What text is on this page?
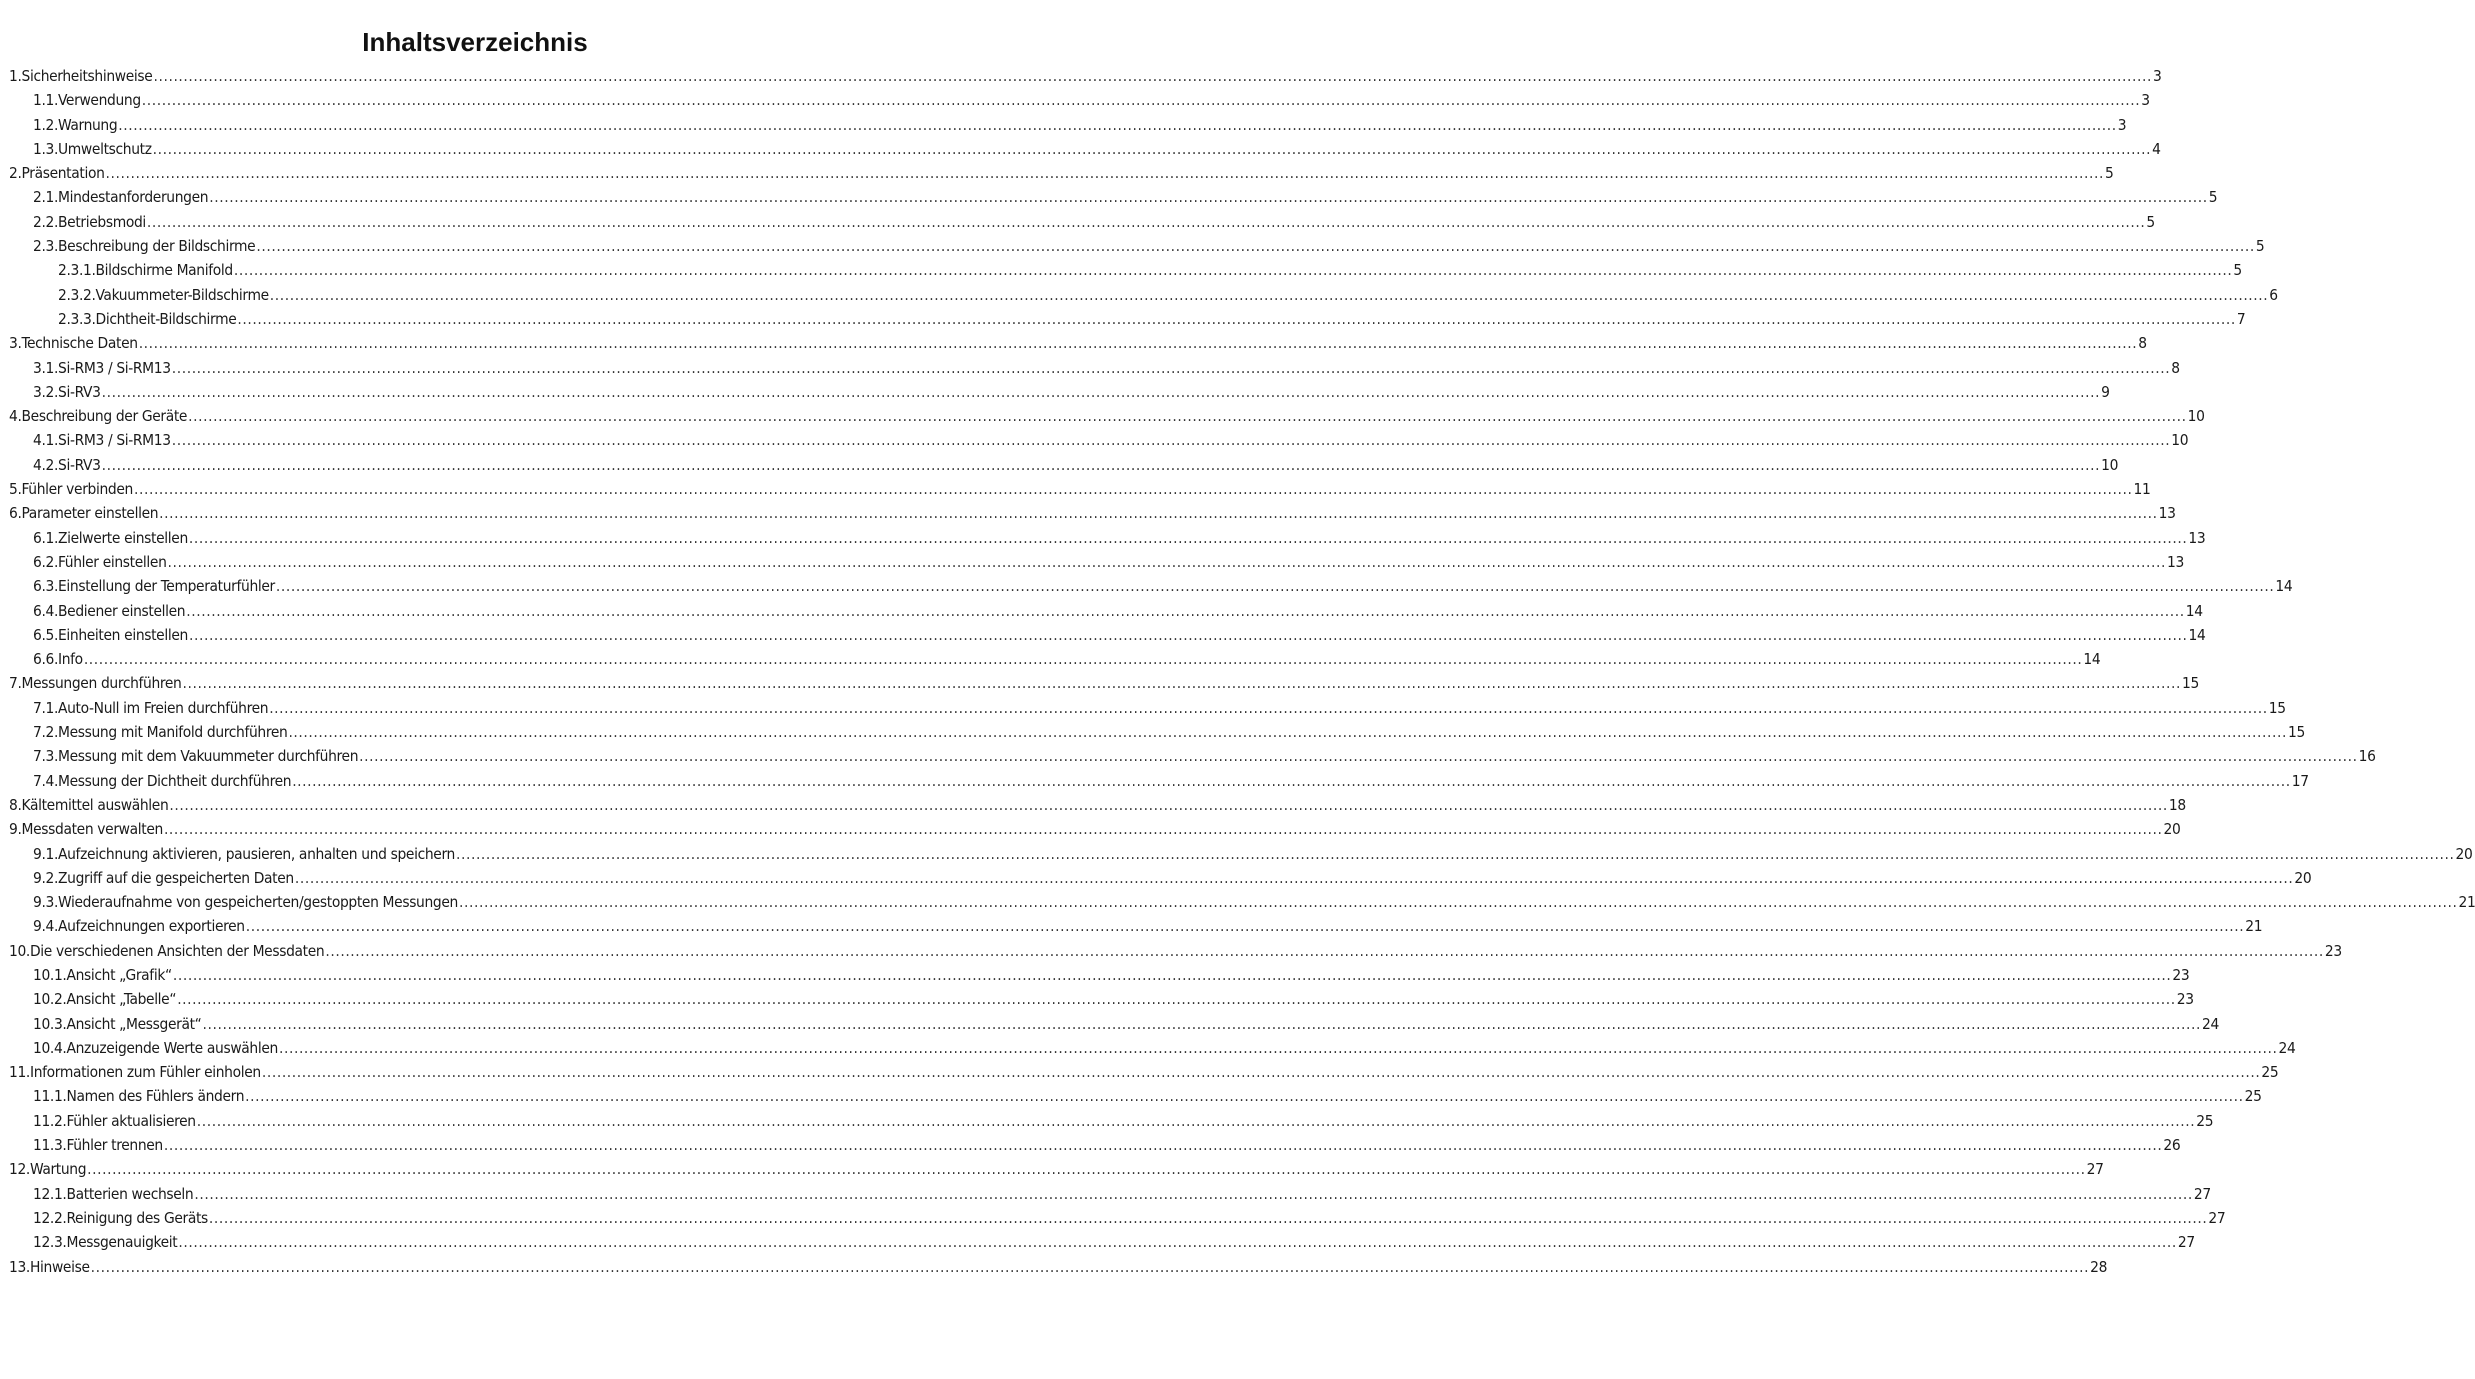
Inhaltsverzeichnis
1.Sicherheitshinweise ................................................................................................................................................................................................................................................................................................................................................................................................................ 3
1.1.Verwendung ................................................................................................................................................................................................................................................................................................................................................................................................................ 3
1.2.Warnung ................................................................................................................................................................................................................................................................................................................................................................................................................ 3
1.3.Umweltschutz ................................................................................................................................................................................................................................................................................................................................................................................................................ 4
2.Präsentation ................................................................................................................................................................................................................................................................................................................................................................................................................ 5
2.1.Mindestanforderungen ................................................................................................................................................................................................................................................................................................................................................................................................................ 5
2.2.Betriebsmodi ................................................................................................................................................................................................................................................................................................................................................................................................................ 5
2.3.Beschreibung der Bildschirme ................................................................................................................................................................................................................................................................................................................................................................................................................ 5
2.3.1.Bildschirme Manifold ................................................................................................................................................................................................................................................................................................................................................................................................................ 5
2.3.2.Vakuummeter-Bildschirme ................................................................................................................................................................................................................................................................................................................................................................................................................ 6
2.3.3.Dichtheit-Bildschirme ................................................................................................................................................................................................................................................................................................................................................................................................................ 7
3.Technische Daten ................................................................................................................................................................................................................................................................................................................................................................................................................ 8
3.1.Si-RM3 / Si-RM13 ................................................................................................................................................................................................................................................................................................................................................................................................................ 8
3.2.Si-RV3 ................................................................................................................................................................................................................................................................................................................................................................................................................ 9
4.Beschreibung der Geräte ................................................................................................................................................................................................................................................................................................................................................................................................................ 10
4.1.Si-RM3 / Si-RM13 ................................................................................................................................................................................................................................................................................................................................................................................................................ 10
4.2.Si-RV3 ................................................................................................................................................................................................................................................................................................................................................................................................................ 10
5.Fühler verbinden ................................................................................................................................................................................................................................................................................................................................................................................................................ 11
6.Parameter einstellen ................................................................................................................................................................................................................................................................................................................................................................................................................ 13
6.1.Zielwerte einstellen ................................................................................................................................................................................................................................................................................................................................................................................................................ 13
6.2.Fühler einstellen ................................................................................................................................................................................................................................................................................................................................................................................................................ 13
6.3.Einstellung der Temperaturfühler ................................................................................................................................................................................................................................................................................................................................................................................................................ 14
6.4.Bediener einstellen ................................................................................................................................................................................................................................................................................................................................................................................................................ 14
6.5.Einheiten einstellen ................................................................................................................................................................................................................................................................................................................................................................................................................ 14
6.6.Info ................................................................................................................................................................................................................................................................................................................................................................................................................ 14
7.Messungen durchführen ................................................................................................................................................................................................................................................................................................................................................................................................................ 15
7.1.Auto-Null im Freien durchführen ................................................................................................................................................................................................................................................................................................................................................................................................................ 15
7.2.Messung mit Manifold durchführen ................................................................................................................................................................................................................................................................................................................................................................................................................ 15
7.3.Messung mit dem Vakuummeter durchführen ................................................................................................................................................................................................................................................................................................................................................................................................................ 16
7.4.Messung der Dichtheit durchführen ................................................................................................................................................................................................................................................................................................................................................................................................................ 17
8.Kältemittel auswählen ................................................................................................................................................................................................................................................................................................................................................................................................................ 18
9.Messdaten verwalten ................................................................................................................................................................................................................................................................................................................................................................................................................ 20
9.1.Aufzeichnung aktivieren, pausieren, anhalten und speichern ................................................................................................................................................................................................................................................................................................................................................................................................................ 20
9.2.Zugriff auf die gespeicherten Daten ................................................................................................................................................................................................................................................................................................................................................................................................................ 20
9.3.Wiederaufnahme von gespeicherten/gestoppten Messungen ................................................................................................................................................................................................................................................................................................................................................................................................................ 21
9.4.Aufzeichnungen exportieren ................................................................................................................................................................................................................................................................................................................................................................................................................ 21
10.Die verschiedenen Ansichten der Messdaten ................................................................................................................................................................................................................................................................................................................................................................................................................ 23
10.1.Ansicht „Grafik“ ................................................................................................................................................................................................................................................................................................................................................................................................................ 23
10.2.Ansicht „Tabelle“ ................................................................................................................................................................................................................................................................................................................................................................................................................ 23
10.3.Ansicht „Messgerät“ ................................................................................................................................................................................................................................................................................................................................................................................................................ 24
10.4.Anzuzeigende Werte auswählen ................................................................................................................................................................................................................................................................................................................................................................................................................ 24
11.Informationen zum Fühler einholen ................................................................................................................................................................................................................................................................................................................................................................................................................ 25
11.1.Namen des Fühlers ändern ................................................................................................................................................................................................................................................................................................................................................................................................................ 25
11.2.Fühler aktualisieren ................................................................................................................................................................................................................................................................................................................................................................................................................ 25
11.3.Fühler trennen ................................................................................................................................................................................................................................................................................................................................................................................................................ 26
12.Wartung ................................................................................................................................................................................................................................................................................................................................................................................................................ 27
12.1.Batterien wechseln ................................................................................................................................................................................................................................................................................................................................................................................................................ 27
12.2.Reinigung des Geräts ................................................................................................................................................................................................................................................................................................................................................................................................................ 27
12.3.Messgenauigkeit ................................................................................................................................................................................................................................................................................................................................................................................................................ 27
13.Hinweise ................................................................................................................................................................................................................................................................................................................................................................................................................ 28
